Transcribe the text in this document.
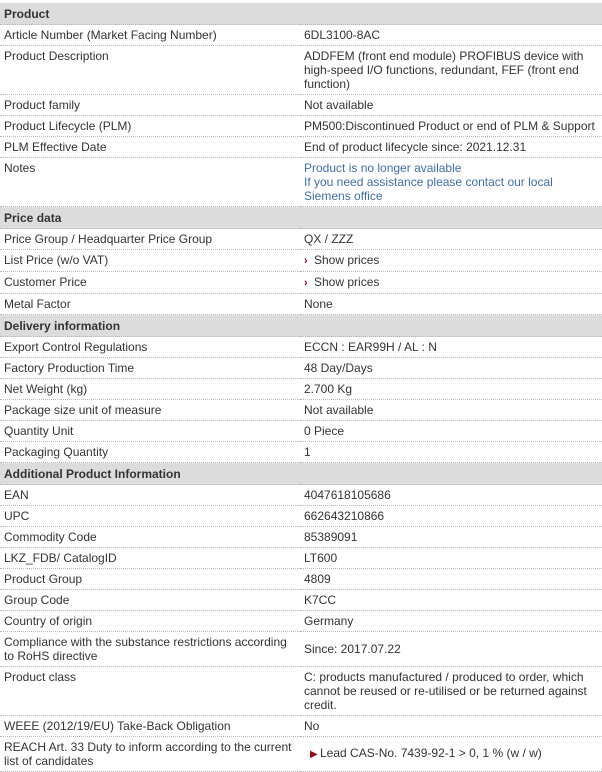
Product	
Article Number (Market Facing Number)	6DL3100-8AC
Product Description	ADDFEM (front end module) PROFIBUS device with high-speed I/O functions, redundant, FEF (front end function)
Product family	Not available
Product Lifecycle (PLM)	PM500:Discontinued Product or end of PLM & Support
PLM Effective Date	End of product lifecycle since: 2021.12.31
Notes	Product is no longer available
If you need assistance please contact our local Siemens office

Price data	
Price Group / Headquarter Price Group	QX / ZZZ
List Price (w/o VAT)	› Show prices
Customer Price	› Show prices
Metal Factor	None
Delivery information	
Export Control Regulations	ECCN : EAR99H / AL : N
Factory Production Time	48 Day/Days
Net Weight (kg)	2.700 Kg
Package size unit of measure	Not available
Quantity Unit	0 Piece
Packaging Quantity	1
Additional Product Information	
EAN	4047618105686
UPC	662643210866
Commodity Code	85389091
LKZ_FDB/ CatalogID	LT600
Product Group	4809
Group Code	K7CC
Country of origin	Germany
Compliance with the substance restrictions according to RoHS directive	Since: 2017.07.22
Product class	C: products manufactured / produced to order, which cannot be reused or re-utilised or be returned against credit.
WEEE (2012/19/EU) Take-Back Obligation	No
REACH Art. 33 Duty to inform according to the current list of candidates	▶ Lead CAS-No. 7439-92-1 > 0, 1 % (w / w)
